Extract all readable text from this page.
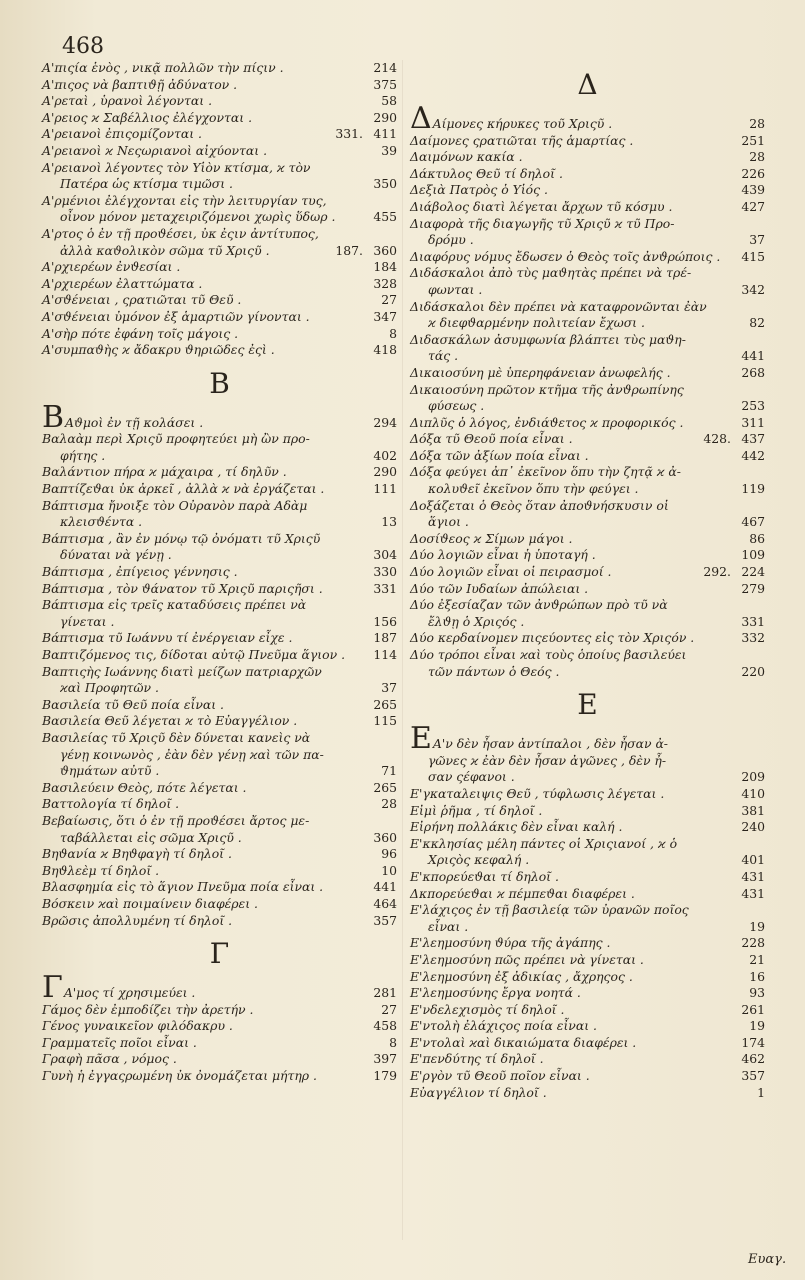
468
Α'πιςία ἑνὸς , νικᾷ πολλῶν τὴν πίςιν .	214
Α'πιςος νὰ βαπτιϑῇ ἀδύνατον .	375
Α'ρεταὶ , ὑρανοὶ λέγονται .	58
Α'ρειος ϰ Σαβέλλιος ἐλέγχονται .	290
Α'ρειανοὶ ἐπιςομίζονται .	331. 411
Α'ρειανοὶ ϰ Νεςωριανοὶ αἰχύονται .	39
Α'ρειανοὶ λέγοντες τὸν Υἱὸν κτίσμα, ϰ τὸν
Πατέρα ὡς κτίσμα τιμῶσι .	350
Α'ρμένιοι ἐλέγχονται εἰς τὴν λειτυργίαν τυς,
οἶνον μόνον μεταχειριζόμενοι χωρὶς ὕδωρ .	455
Α'ρτος ὁ ἐν τῇ προϑέσει, ὐκ ἐςιν ἀντίτυπος,
ἀλλὰ καϑολικὸν σῶμα τῦ Χριςῦ .	187. 360
Α'ρχιερέων ἐνϑεσίαι .	184
Α'ρχιερέων ἐλαττώματα .	328
Α'σϑένειαι , ςρατιῶται τῦ Θεῦ .	27
Α'σϑένειαι ὐμόνον ἐξ ἁμαρτιῶν γίνονται .	347
Α'σὴρ πότε ἐφάνη τοῖς μάγοις .	8
Α'συμπαϑὴς ϰ ἄδακρυ ϑηριῶδες ἐςὶ .	418
B
BΑϑμοὶ ἐν τῇ κολάσει .	294
Βαλαὰμ περὶ Χριςῦ προφητεύει μὴ ὢν προ-
φήτης .	402
Βαλάντιον πήρα ϰ μάχαιρα , τί δηλῦν .	290
Βαπτίζεϑαι ὐκ ἀρκεῖ , ἀλλὰ ϰ νὰ ἐργάζεται .	111
Βάπτισμα ἤνοιξε τὸν Οὐρανὸν παρὰ Αδὰμ
κλεισϑέντα .	13
Βάπτισμα , ἂν ἐν μόνῳ τῷ ὀνόματι τῦ Χριςῦ
δύναται νὰ γένῃ .	304
Βάπτισμα , ἐπίγειος γέννησις .	330
Βάπτισμα , τὸν ϑάνατον τῦ Χριςῦ παριςῆσι .	331
Βάπτισμα εἰς τρεῖς καταδύσεις πρέπει νὰ
γίνεται .	156
Βάπτισμα τῦ Ιωάννυ τί ἐνέργειαν εἶχε .	187
Βαπτιζόμενος τις, δίδοται αὐτῷ Πνεῦμα ἅγιον .	114
Βαπτιςὴς Ιωάννης διατὶ μείζων πατριαρχῶν
ϰαὶ Προφητῶν .	37
Βασιλεία τῦ Θεῦ ποία εἶναι .	265
Βασιλεία Θεῦ λέγεται ϰ τὸ Εὐαγγέλιον .	115
Βασιλείας τῦ Χριςῦ δὲν δύνεται κανεὶς νὰ
γένῃ κοινωνὸς , ἐὰν δὲν γένῃ ϰαὶ τῶν πα-
ϑημάτων αὐτῦ .	71
Βασιλεύειν Θεὸς, πότε λέγεται .	265
Βαττολογία τί δηλοῖ .	28
Βεβαίωσις, ὅτι ὁ ἐν τῇ προϑέσει ἄρτος με-
ταβάλλεται εἰς σῶμα Χριςῦ .	360
Βηϑανία ϰ Βηϑφαγὴ τί δηλοῖ .	96
Βηϑλεὲμ τί δηλοῖ .	10
Βλασφημία εἰς τὸ ἅγιον Πνεῦμα ποία εἶναι .	441
Βόσκειν ϰαὶ ποιμαίνειν διαφέρει .	464
Βρῶσις ἀπολλυμένη τί δηλοῖ .	357
Γ
ΓΑ'μος τί χρησιμεύει .	281
Γάμος δὲν ἐμποδίζει τὴν ἀρετήν .	27
Γένος γυναικεῖον φιλόδακρυ .	458
Γραμματεῖς ποῖοι εἶναι .	8
Γραφὴ πᾶσα , νόμος .	397
Γυνὴ ἡ ἐγγαςρωμένη ὐκ ὀνομάζεται μήτηρ .	179
Δ
ΔΑίμονες κήρυκες τοῦ Χριςῦ .	28
Δαίμονες ςρατιῶται τῆς ἁμαρτίας .	251
Δαιμόνων κακία .	28
Δάκτυλος Θεῦ τί δηλοῖ .	226
Δεξιὰ Πατρὸς ὁ Υἱός .	439
Διάβολος διατὶ λέγεται ἄρχων τῦ κόσμυ .	427
Διαφορὰ τῆς διαγωγῆς τῦ Χριςῦ ϰ τῦ Προ-
δρόμυ .	37
Διαφόρυς νόμυς ἔδωσεν ὁ Θεὸς τοῖς ἀνϑρώποις .	415
Διδάσκαλοι ἀπὸ τὺς μαϑητὰς πρέπει νὰ τρέ-
φωνται .	342
Διδάσκαλοι δὲν πρέπει νὰ καταφρονῶνται ἐὰν
ϰ διεφϑαρμένην πολιτείαν ἔχωσι .	82
Διδασκάλων ἀσυμφωνία βλάπτει τὺς μαϑη-
τάς .	441
Δικαιοσύνη μὲ ὑπερηφάνειαν ἀνωφελής .	268
Δικαιοσύνη πρῶτον κτῆμα τῆς ἀνϑρωπίνης
φύσεως .	253
Διπλῦς ὁ λόγος, ἐνδιάϑετος ϰ προφορικός .	311
Δόξα τῦ Θεοῦ ποία εἶναι .	428. 437
Δόξα τῶν ἀξίων ποία εἶναι .	442
Δόξα φεύγει ἀπ᾽ ἐκεῖνον ὅπυ τὴν ζητᾷ ϰ ἀ-
κολυϑεῖ ἐκεῖνον ὅπυ τὴν φεύγει .	119
Δοξάζεται ὁ Θεὸς ὅταν ἀποϑνήσκυσιν οἱ
ἅγιοι .	467
Δοσίϑεος ϰ Σίμων μάγοι .	86
Δύο λογιῶν εἶναι ἡ ὑποταγή .	109
Δύο λογιῶν εἶναι οἱ πειρασμοί .	292. 224
Δύο τῶν Ιυδαίων ἀπώλειαι .	279
Δύο ἐξεσίαζαν τῶν ἀνϑρώπων πρὸ τῦ νὰ
ἔλϑῃ ὁ Χριςός .	331
Δύο κερδαίνομεν πιςεύοντες εἰς τὸν Χριςόν .	332
Δύο τρόποι εἶναι ϰαὶ τοὺς ὁποίυς βασιλεύει
τῶν πάντων ὁ Θεός .	220
E
EΑ'ν δὲν ἦσαν ἀντίπαλοι , δὲν ἦσαν ἀ-
γῶνες ϰ ἐὰν δὲν ἦσαν ἀγῶνες , δὲν ἦ-
σαν ςέφανοι .	209
Ε'γκαταλειψις Θεῦ , τύφλωσις λέγεται .	410
Εἰμὶ ῥῆμα , τί δηλοῖ .	381
Εἰρήνη πολλάκις δὲν εἶναι καλή .	240
Ε'κκλησίας μέλη πάντες οἱ Χριςιανοί , ϰ ὁ
Χριςὸς κεφαλή .	401
Ε'κπορεύεϑαι τί δηλοῖ .	431
Δκπορεύεϑαι ϰ πέμπεϑαι διαφέρει .	431
Ε'λάχιςος ἐν τῇ βασιλείᾳ τῶν ὐρανῶν ποῖος
εἶναι .	19
Ε'λεημοσύνη ϑύρα τῆς ἀγάπης .	228
Ε'λεημοσύνη πῶς πρέπει νὰ γίνεται .	21
Ε'λεημοσύνη ἐξ ἀδικίας , ἄχρηςος .	16
Ε'λεημοσύνης ἔργα νοητά .	93
Ε'νδελεχισμὸς τί δηλοῖ .	261
Ε'ντολὴ ἐλάχιςος ποία εἶναι .	19
Ε'ντολαὶ ϰαὶ δικαιώματα διαφέρει .	174
Ε'πενδύτης τί δηλοῖ .	462
Ε'ργὸν τῦ Θεοῦ ποῖον εἶναι .	357
Εὐαγγέλιον τί δηλοῖ .	1
Ευαγ.
